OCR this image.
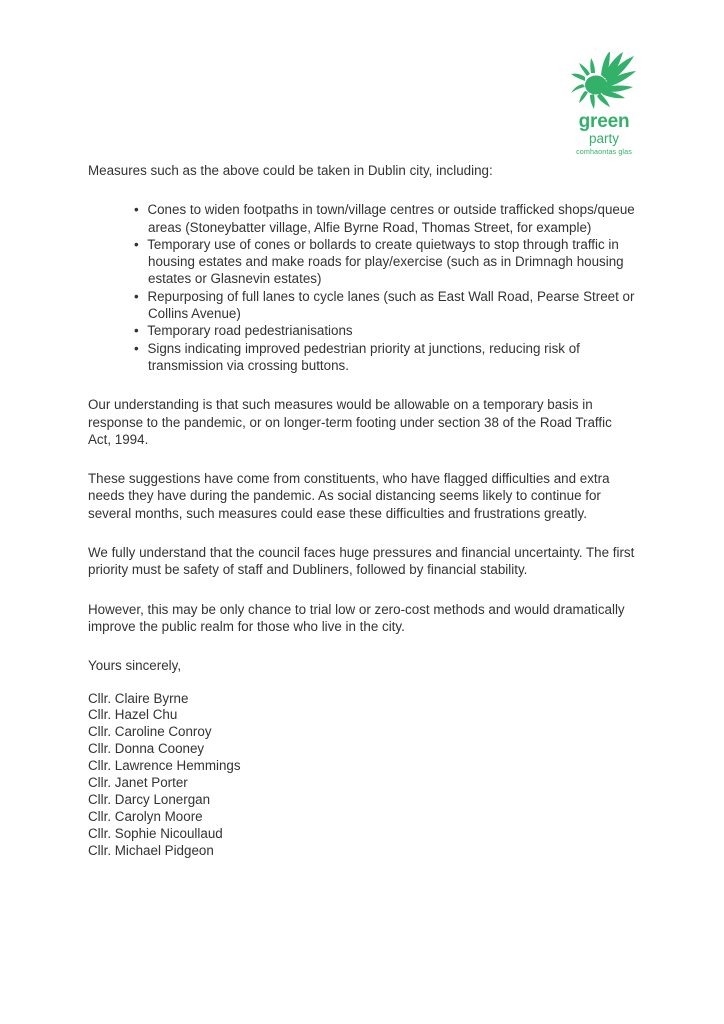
green
party
comhaontas glas

Measures such as the above could be taken in Dublin city, including:

• Cones to widen footpaths in town/village centres or outside trafficked shops/queue areas (Stoneybatter village, Alfie Byrne Road, Thomas Street, for example)
• Temporary use of cones or bollards to create quietways to stop through traffic in housing estates and make roads for play/exercise (such as in Drimnagh housing estates or Glasnevin estates)
• Repurposing of full lanes to cycle lanes (such as East Wall Road, Pearse Street or Collins Avenue)
• Temporary road pedestrianisations
• Signs indicating improved pedestrian priority at junctions, reducing risk of transmission via crossing buttons.

Our understanding is that such measures would be allowable on a temporary basis in response to the pandemic, or on longer-term footing under section 38 of the Road Traffic Act, 1994.

These suggestions have come from constituents, who have flagged difficulties and extra needs they have during the pandemic. As social distancing seems likely to continue for several months, such measures could ease these difficulties and frustrations greatly.

We fully understand that the council faces huge pressures and financial uncertainty. The first priority must be safety of staff and Dubliners, followed by financial stability.

However, this may be only chance to trial low or zero-cost methods and would dramatically improve the public realm for those who live in the city.

Yours sincerely,

Cllr. Claire Byrne
Cllr. Hazel Chu
Cllr. Caroline Conroy
Cllr. Donna Cooney
Cllr. Lawrence Hemmings
Cllr. Janet Porter
Cllr. Darcy Lonergan
Cllr. Carolyn Moore
Cllr. Sophie Nicoullaud
Cllr. Michael Pidgeon
